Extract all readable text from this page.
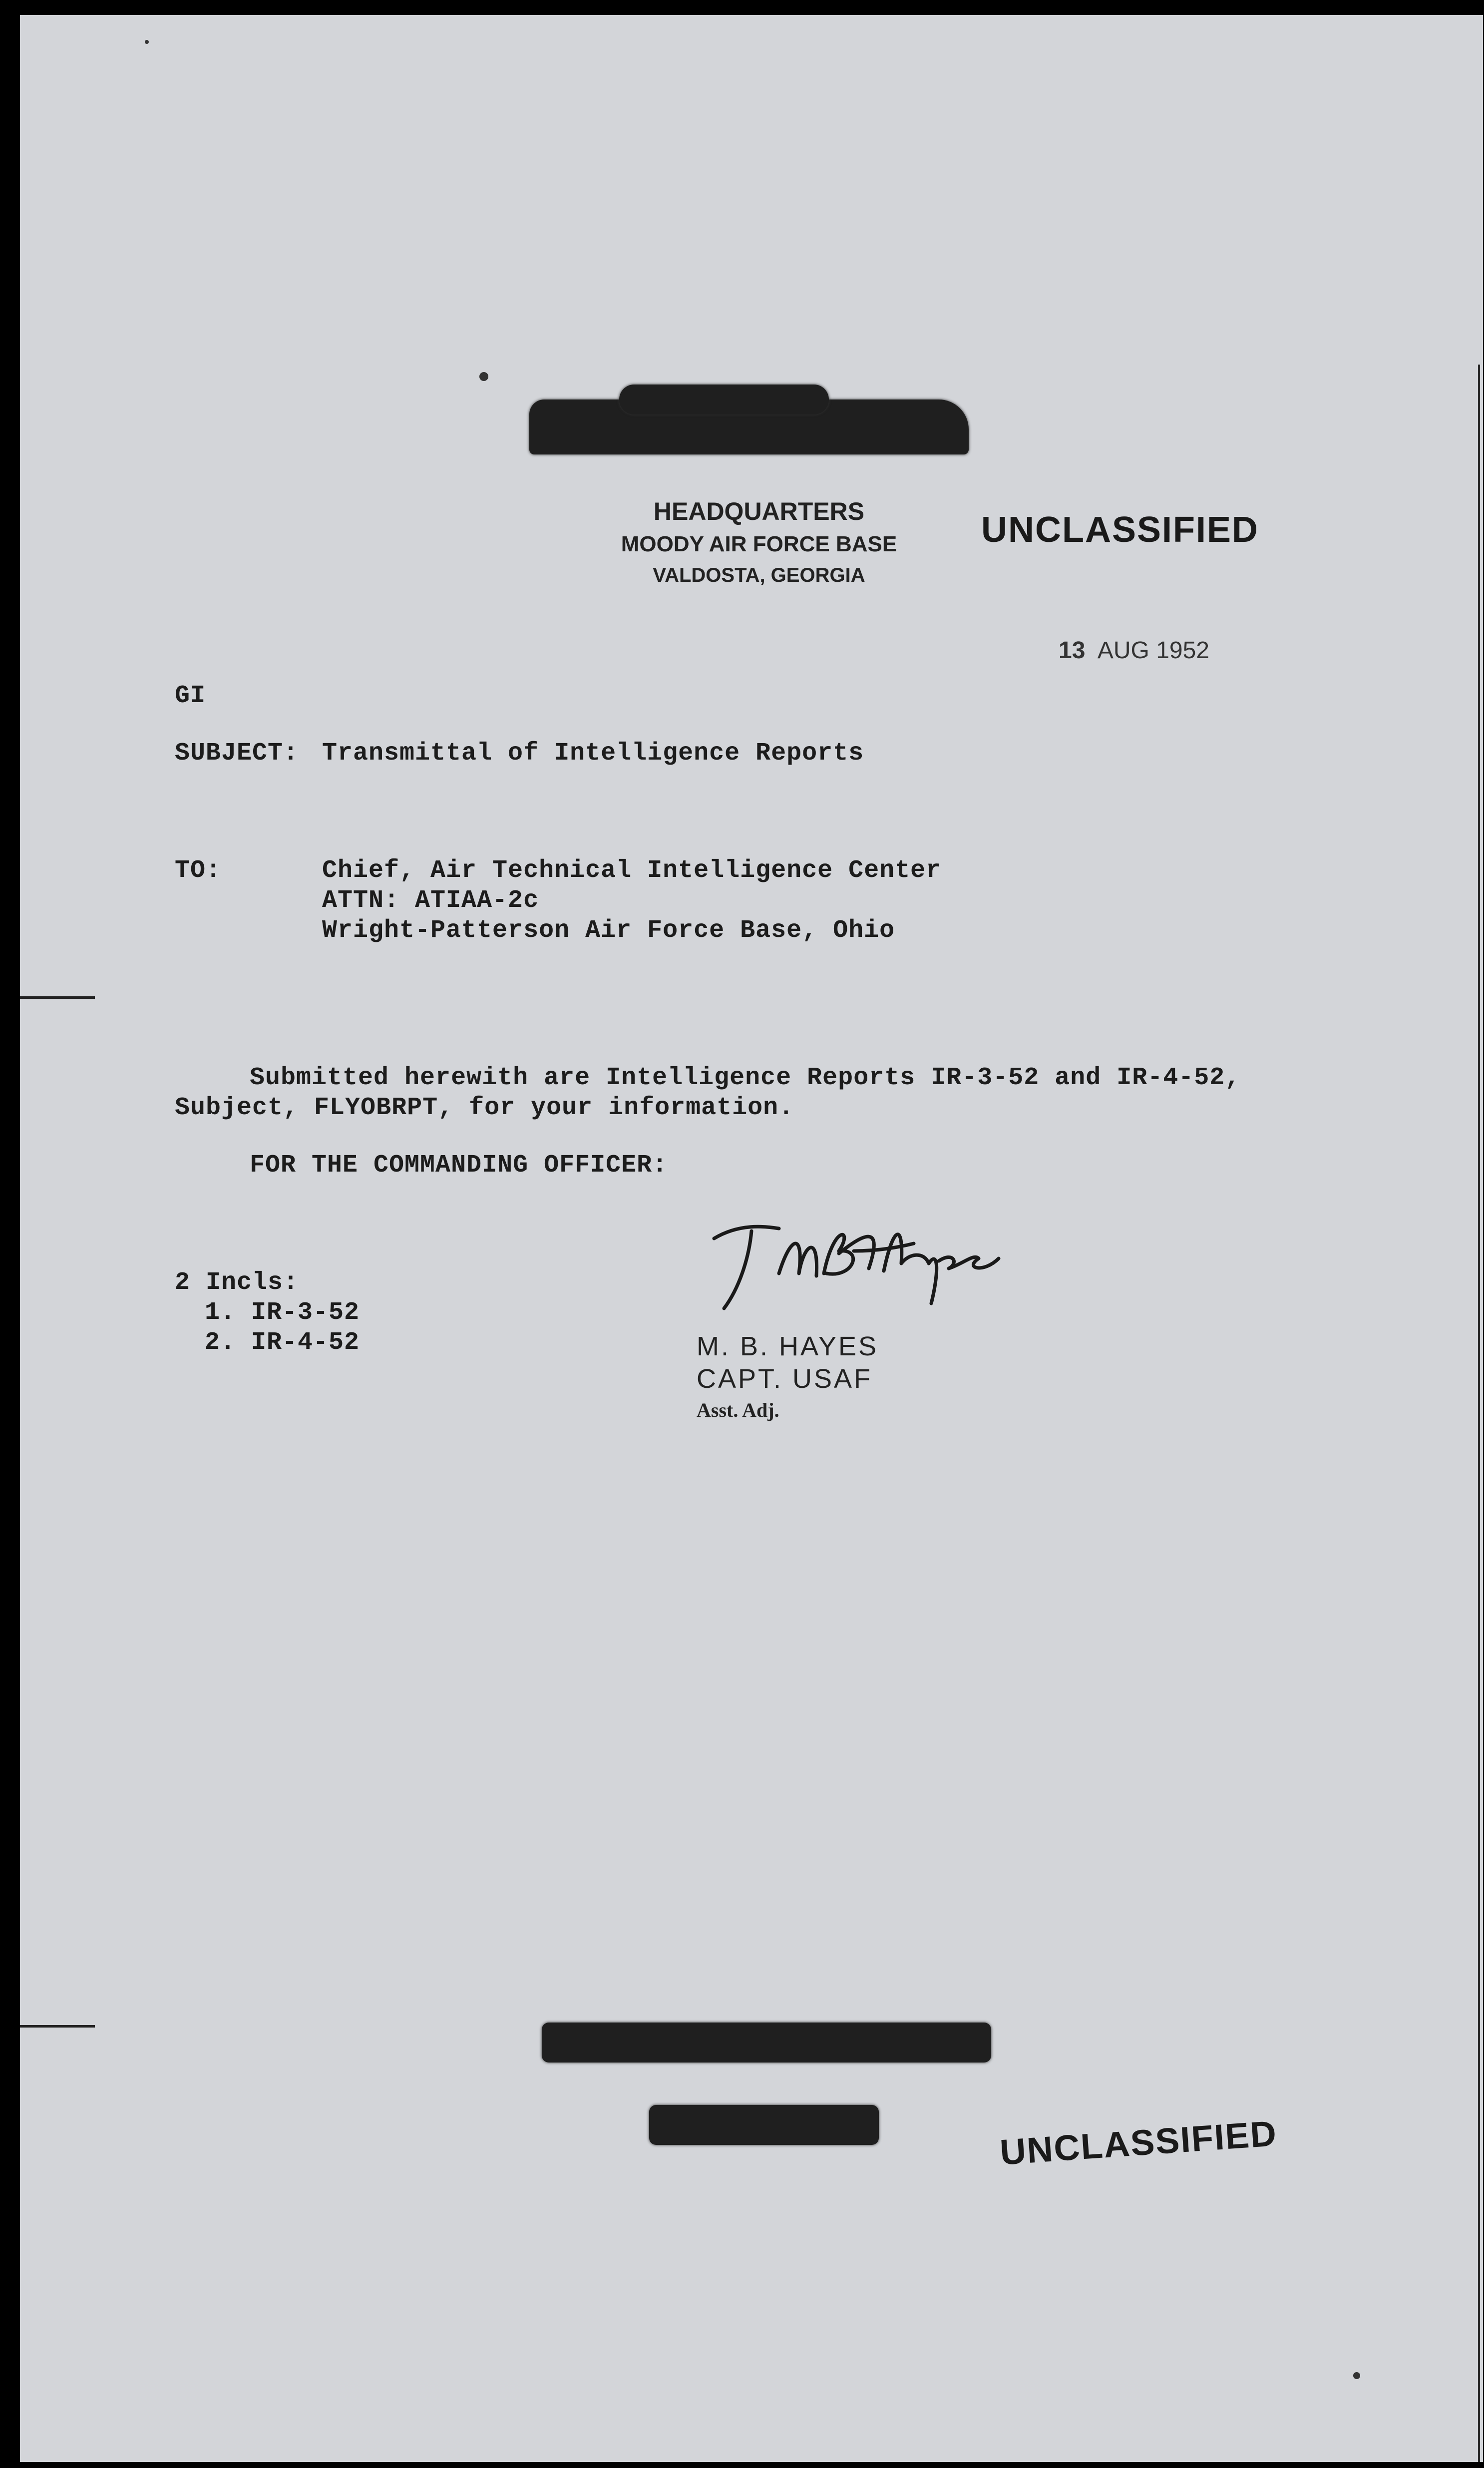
HEADQUARTERS
MOODY AIR FORCE BASE
VALDOSTA, GEORGIA
UNCLASSIFIED
13 AUG 1952
GI
SUBJECT: Transmittal of Intelligence Reports
TO:	Chief, Air Technical Intelligence Center
ATTN: ATIAA-2c
Wright-Patterson Air Force Base, Ohio
Submitted herewith are Intelligence Reports IR-3-52 and IR-4-52,
Subject, FLYOBRPT, for your information.
FOR THE COMMANDING OFFICER:
2 Incls:
1. IR-3-52
2. IR-4-52	M. B. HAYES
CAPT. USAF
Asst. Adj.
UNCLASSIFIED
